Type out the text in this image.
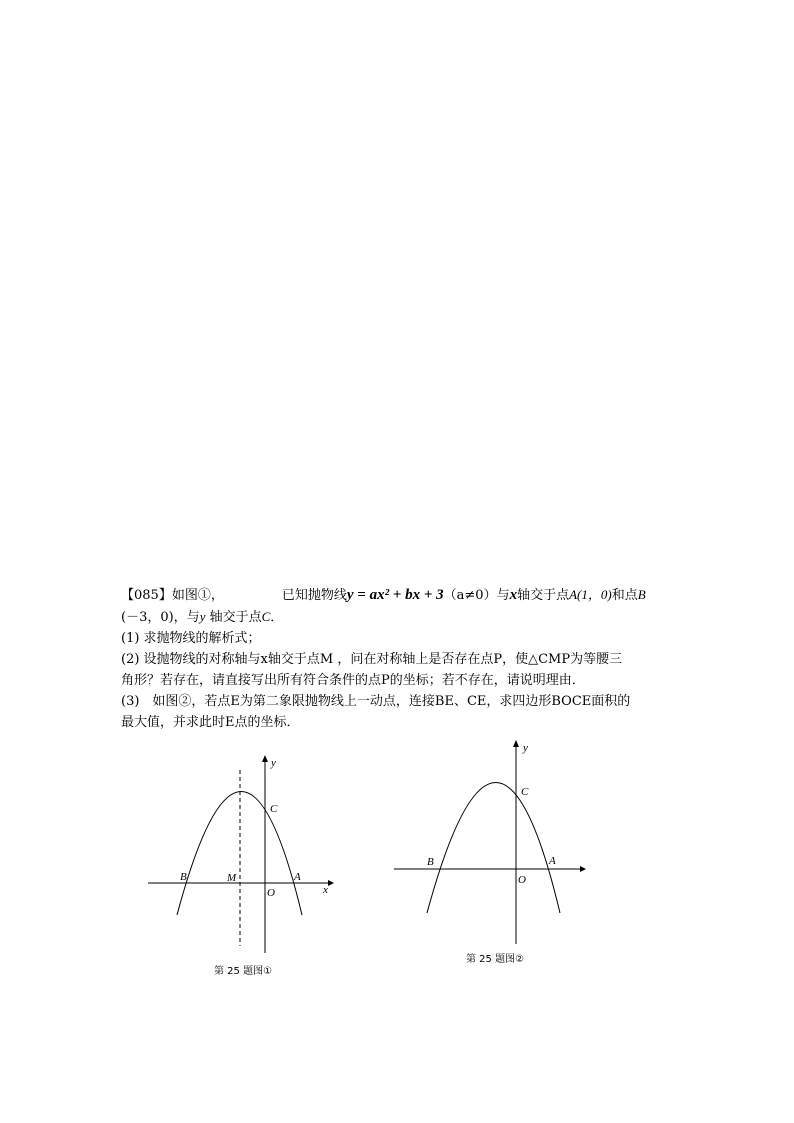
【085】如图①，	已知抛物线y = ax² + bx + 3（a≠0）与x轴交于点A(1，0)和点B
(－3，0)，与y 轴交于点C．
(1) 求抛物线的解析式；
(2) 设抛物线的对称轴与x轴交于点M ，问在对称轴上是否存在点P，使△CMP为等腰三
角形？若存在，请直接写出所有符合条件的点P的坐标；若不存在，请说明理由．
(3)　如图②，若点E为第二象限抛物线上一动点，连接BE、CE，求四边形BOCE面积的
最大值，并求此时E点的坐标．
y
C
B	M	A
x
O
第 25 题图①
y
C
B	A
O
第 25 题图②
